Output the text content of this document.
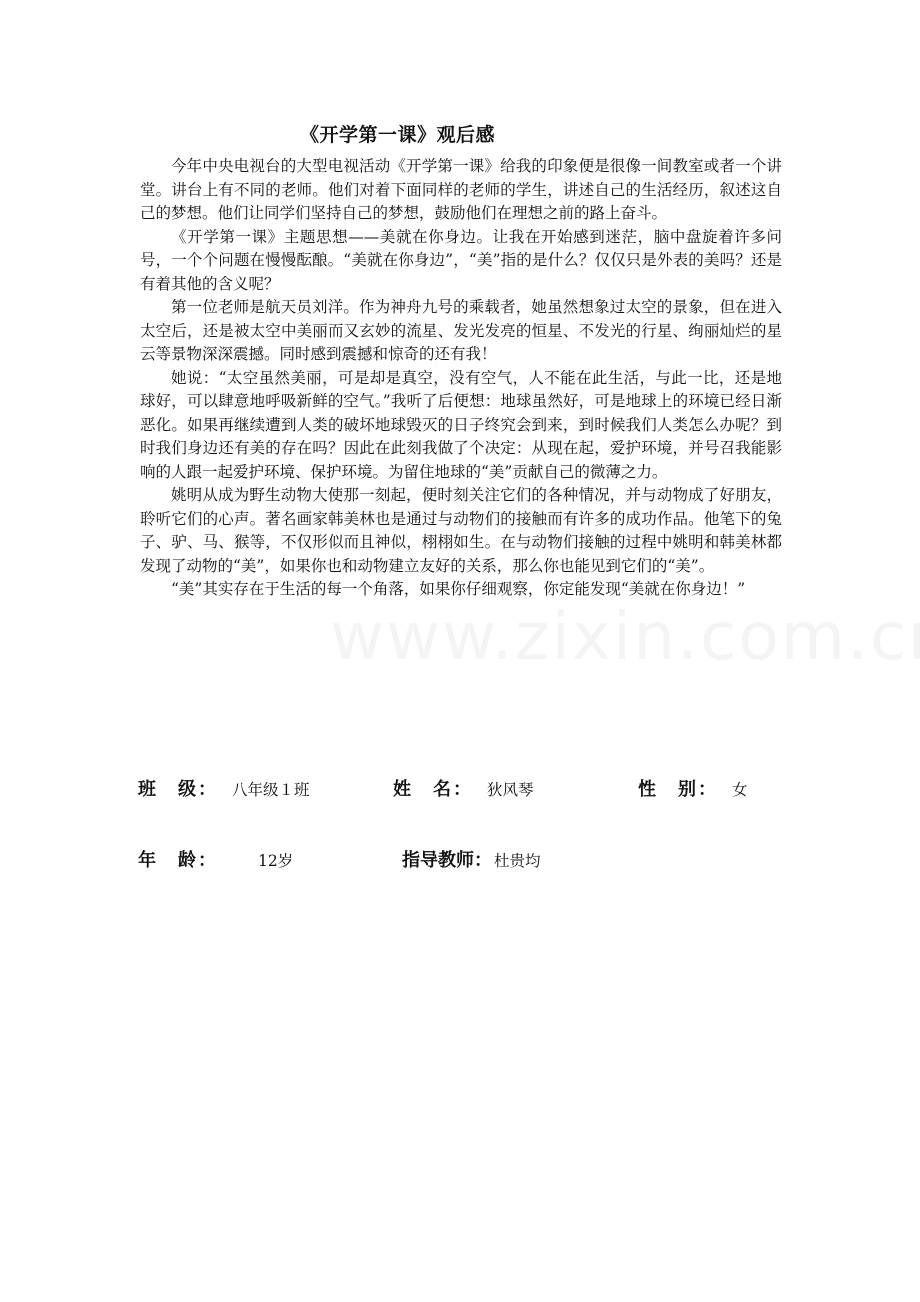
《开学第一课》观后感

今年中央电视台的大型电视活动《开学第一课》给我的印象便是很像一间教室或者一个讲堂。讲台上有不同的老师。他们对着下面同样的老师的学生，讲述自己的生活经历，叙述这自己的梦想。他们让同学们坚持自己的梦想，鼓励他们在理想之前的路上奋斗。

《开学第一课》主题思想——美就在你身边。让我在开始感到迷茫，脑中盘旋着许多问号，一个个问题在慢慢酝酿。“美就在你身边”，“美”指的是什么？仅仅只是外表的美吗？还是有着其他的含义呢？

第一位老师是航天员刘洋。作为神舟九号的乘载者，她虽然想象过太空的景象，但在进入太空后，还是被太空中美丽而又玄妙的流星、发光发亮的恒星、不发光的行星、绚丽灿烂的星云等景物深深震撼。同时感到震撼和惊奇的还有我！

她说：“太空虽然美丽，可是却是真空，没有空气，人不能在此生活，与此一比，还是地球好，可以肆意地呼吸新鲜的空气。”我听了后便想：地球虽然好，可是地球上的环境已经日渐恶化。如果再继续遭到人类的破坏地球毁灭的日子终究会到来，到时候我们人类怎么办呢？到时我们身边还有美的存在吗？因此在此刻我做了个决定：从现在起，爱护环境，并号召我能影响的人跟一起爱护环境、保护环境。为留住地球的“美”贡献自己的微薄之力。

姚明从成为野生动物大使那一刻起，便时刻关注它们的各种情况，并与动物成了好朋友，聆听它们的心声。著名画家韩美林也是通过与动物们的接触而有许多的成功作品。他笔下的兔子、驴、马、猴等，不仅形似而且神似，栩栩如生。在与动物们接触的过程中姚明和韩美林都发现了动物的“美”，如果你也和动物建立友好的关系，那么你也能见到它们的“美”。

“美”其实存在于生活的每一个角落，如果你仔细观察，你定能发现“美就在你身边！”

班　级： 八年级１班	姓　名： 狄风琴	性　别： 女
年　龄：	12岁	指导教师： 杜贵均
